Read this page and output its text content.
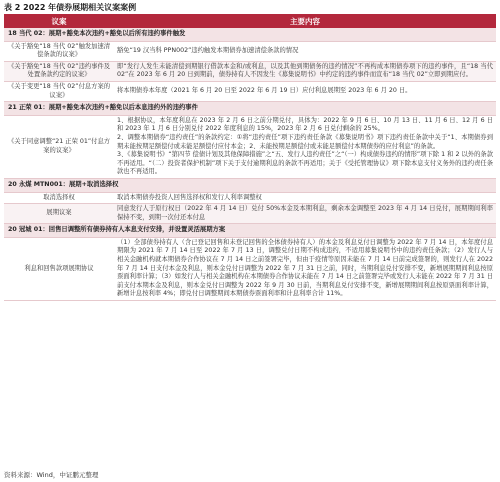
表 2 2022 年债券展期相关议案案例
议案	主要内容
18 当代 02：展期+豁免本次违约+豁免以后所有违约事件触发	
《关于豁免“18 当代 02”触发加速清偿条款的议案》	豁免“19 汉当科 PPN002”违约触发本期债券加速清偿条款的情况
《关于豁免“18 当代 02”违约事件及处置条款约定的议案》	即“发行人发生未能清偿到期银行借款本金和/或利息，以及其他到期债务的违约情况”不再构成本期债券项下的违约事件，且“18 当代 02”在 2023 年 6 月 20 日到期前，债券持有人不因发生《募集说明书》中约定的违约事件而宣布“18 当代 02”立即到期应付。
《关于变更“18 当代 02”付息方案的议案》	将本期债券本年度（2021 年 6 月 20 日至 2022 年 6 月 19 日）应付利息展期至 2023 年 6 月 20 日。
21 正荣 01：展期+豁免本次违约+豁免以后本息违约外的违约事件	
《关于同意调整“21 正荣 01”付息方案的议案》	1、根据协议，本年度利息在 2023 年 2 月 6 日之前分期兑付，具体为：2022 年 9 月 6 日、10 月 13 日、11 月 6 日、12 月 6 日和 2023 年 1 月 6 日分别兑付 2022 年度利息的 15%，2023 年 2 月 6 日兑付剩余的 25%。

2、调整本期债券“违约责任”的条款约定：①将“违约责任”项下违约责任条款《募集说明书》项下违约责任条款中关于“1、本期债券到期未能按期足额偿付或未能足额偿付应付本金；2、未能按期足额偿付或未能足额偿付本期债券的应付利息”的条款。

3、《募集说明书》“第四节 偿债计划及其他保障措施”之“五、发行人违约责任”之“（一）构成债券违约的情形”项下除 1 和 2 以外的条款不再适用。“（二）投资者保护机制”项下关于支付逾期利息的条款不再适用；关于《受托管理协议》项下除本息支付义务外的违约责任条款也不再适用。

20 永煤 MTN001：展期+取消选择权	
取消选择权	取消本期债券投资人回售选择权和发行人利率调整权
展期议案	同意发行人于原行权日（2022 年 4 月 14 日）兑付 50%本金及本期利息，剩余本金调整至 2023 年 4 月 14 日兑付，展期期间利率保持不变，到期一次付还本付息
20 冠城 01：回售日调整所有债券持有人本息支付安排，并设置灵活展期方案	
利息和回售款项展期协议	（1）全部债券持有人（含已登记回售和未登记回售的全体债券持有人）的本金及利息兑付日调整为 2022 年 7 月 14 日，本年度付息期限为 2021 年 7 月 14 日至 2022 年 7 月 13 日，调整兑付日期不构成违约，不适用募集说明书中的违约责任条款；（2）发行人与相关金融机构就本期债券合作协议在 7 月 14 日之前签署完毕，但由于疫情等原因未能在 7 月 14 日前完成签署的，则发行人在 2022 年 7 月 14 日支付本金及利息，则本金兑付日调整为 2022 年 7 月 31 日之前，同时，当期利息兑付安排不变，新增展期期间利息按原票面利率计算；（3）如发行人与相关金融机构在本期债券合作协议未能在 7 月 14 日之前签署完毕或发行人未能在 2022 年 7 月 31 日前支付本期本金及利息，则本金兑付日调整为 2022 年 9 月 30 日前，当期利息兑付安排不变，新增展期期间利息按原票面利率计算，新增计息按利率 4%；即兑付日调整期间本期债券票面利率和计息利率合计 11%。
资料来源：Wind，中证鹏元整理
